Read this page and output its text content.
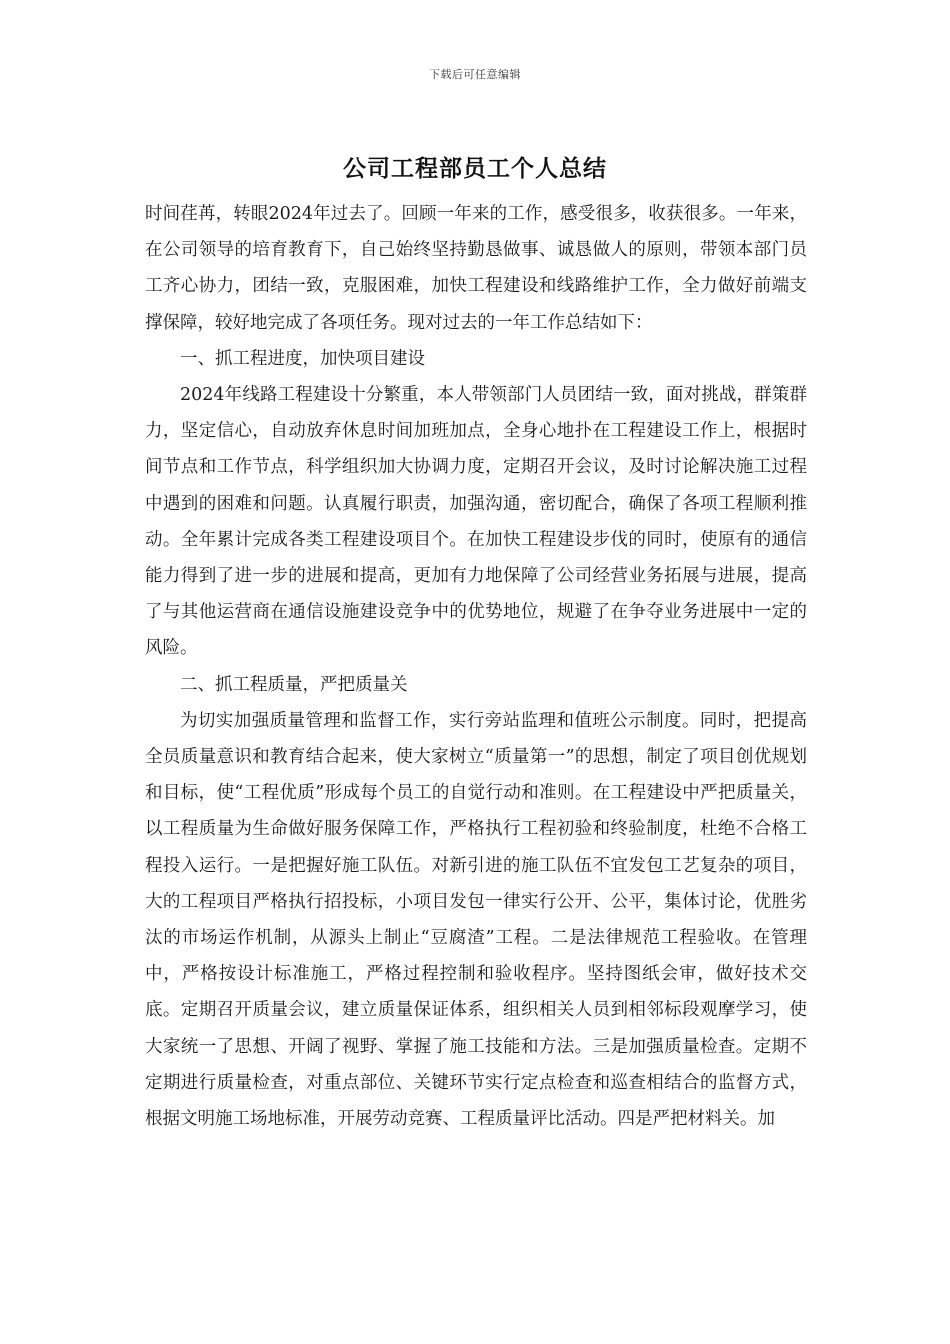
下载后可任意编辑
公司工程部员工个人总结

时间荏苒，转眼2024年过去了。回顾一年来的工作，感受很多，收获很多。一年来，在公司领导的培育教育下，自己始终坚持勤恳做事、诚恳做人的原则，带领本部门员工齐心协力，团结一致，克服困难，加快工程建设和线路维护工作，全力做好前端支撑保障，较好地完成了各项任务。现对过去的一年工作总结如下：

一、抓工程进度，加快项目建设

2024年线路工程建设十分繁重，本人带领部门人员团结一致，面对挑战，群策群力，坚定信心，自动放弃休息时间加班加点，全身心地扑在工程建设工作上，根据时间节点和工作节点，科学组织加大协调力度，定期召开会议，及时讨论解决施工过程中遇到的困难和问题。认真履行职责，加强沟通，密切配合，确保了各项工程顺利推动。全年累计完成各类工程建设项目个。在加快工程建设步伐的同时，使原有的通信能力得到了进一步的进展和提高，更加有力地保障了公司经营业务拓展与进展，提高了与其他运营商在通信设施建设竞争中的优势地位，规避了在争夺业务进展中一定的风险。

二、抓工程质量，严把质量关

为切实加强质量管理和监督工作，实行旁站监理和值班公示制度。同时，把提高全员质量意识和教育结合起来，使大家树立“质量第一”的思想，制定了项目创优规划和目标，使“工程优质”形成每个员工的自觉行动和准则。在工程建设中严把质量关，以工程质量为生命做好服务保障工作，严格执行工程初验和终验制度，杜绝不合格工程投入运行。一是把握好施工队伍。对新引进的施工队伍不宜发包工艺复杂的项目，大的工程项目严格执行招投标，小项目发包一律实行公开、公平，集体讨论，优胜劣汰的市场运作机制，从源头上制止“豆腐渣”工程。二是法律规范工程验收。在管理中，严格按设计标准施工，严格过程控制和验收程序。坚持图纸会审，做好技术交底。定期召开质量会议，建立质量保证体系，组织相关人员到相邻标段观摩学习，使大家统一了思想、开阔了视野、掌握了施工技能和方法。三是加强质量检查。定期不定期进行质量检查，对重点部位、关键环节实行定点检查和巡查相结合的监督方式，根据文明施工场地标准，开展劳动竞赛、工程质量评比活动。四是严把材料关。加
